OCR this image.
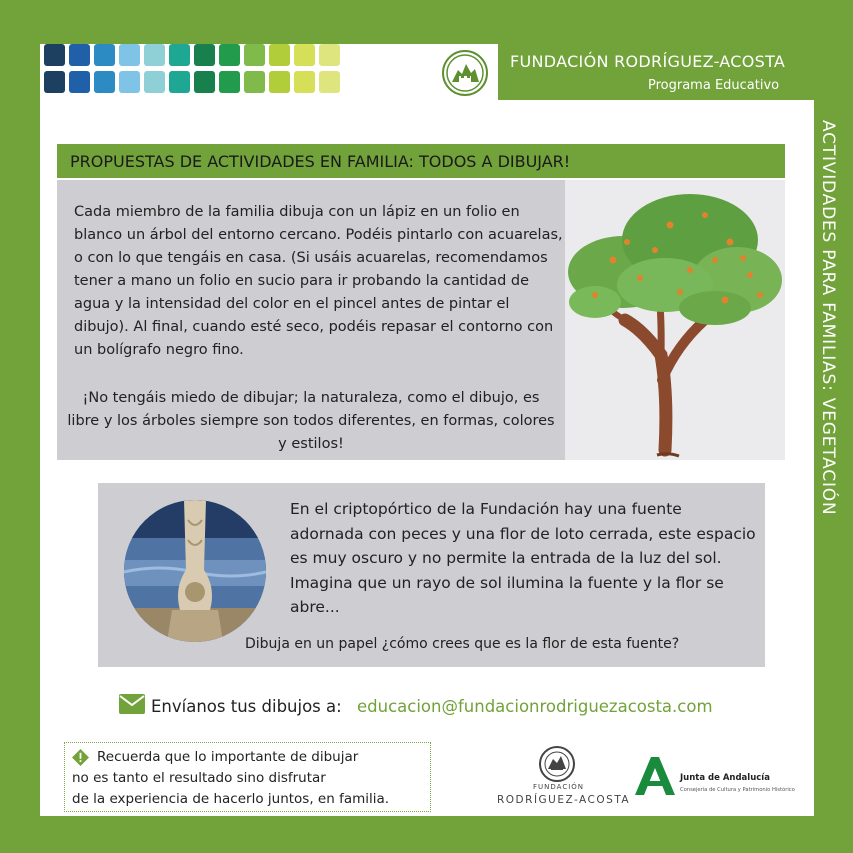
FUNDACIÓN RODRÍGUEZ-ACOSTA
Programa Educativo
ACTIVIDADES PARA FAMILIAS: VEGETACIÓN
PROPUESTAS DE ACTIVIDADES EN FAMILIA: TODOS A DIBUJAR!
Cada miembro de la familia dibuja con un lápiz en un folio en blanco un árbol del entorno cercano. Podéis pintarlo con acuarelas, o con lo que tengáis en casa. (Si usáis acuarelas, recomendamos tener a mano un folio en sucio para ir probando la cantidad de agua y la intensidad del color en el pincel antes de pintar el dibujo). Al final, cuando esté seco, podéis repasar el contorno con un bolígrafo negro fino.
¡No tengáis miedo de dibujar; la naturaleza, como el dibujo, es libre y los árboles siempre son todos diferentes, en formas, colores y estilos!
En el criptopórtico de la Fundación hay una fuente adornada con peces y una flor de loto cerrada, este espacio es muy oscuro y no permite la entrada de la luz del sol. Imagina que un rayo de sol ilumina la fuente y la flor se abre...
Dibuja en un papel ¿cómo crees que es la flor de esta fuente?
Envíanos tus dibujos a: educacion@fundacionrodriguezacosta.com
Recuerda que lo importante de dibujar
no es tanto el resultado sino disfrutar
de la experiencia de hacerlo juntos, en familia.
FUNDACIÓN
RODRÍGUEZ-ACOSTA
Junta de Andalucía
Consejería de Cultura y Patrimonio Histórico
